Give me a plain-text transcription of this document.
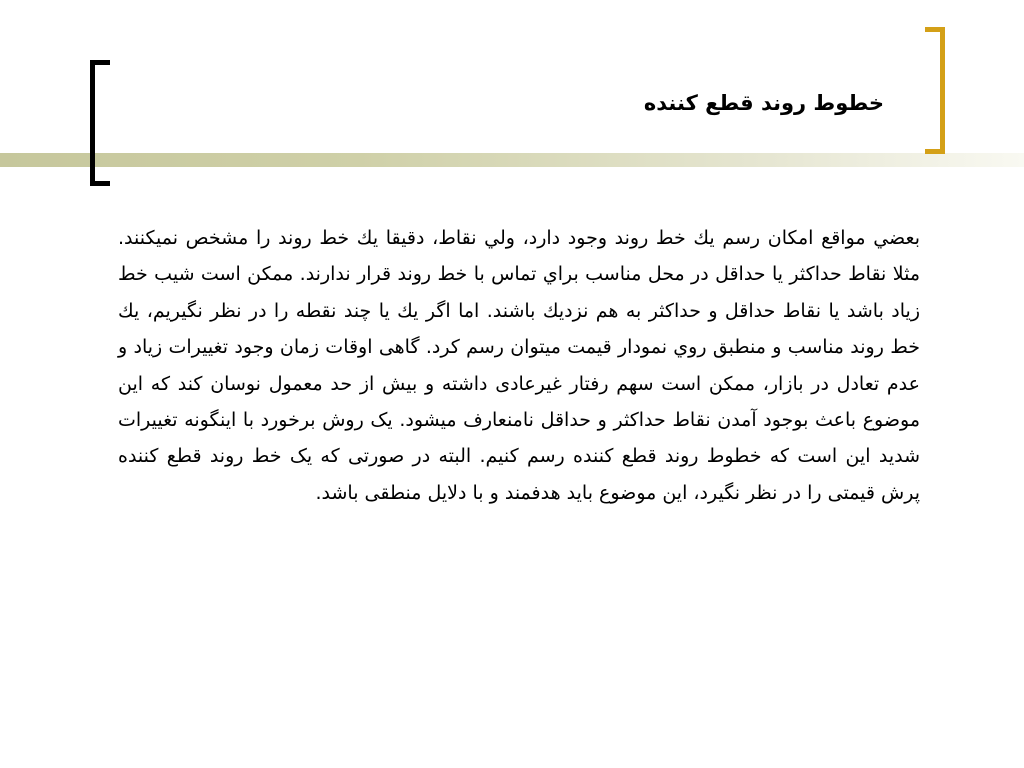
خطوط روند قطع كننده

بعضي مواقع امكان رسم يك خط روند وجود دارد، ولي نقاط، دقيقا يك خط روند را مشخص نميكنند. مثلا نقاط حداكثر يا حداقل در محل مناسب براي تماس با خط روند قرار ندارند. ممكن است شيب خط زياد باشد يا نقاط حداقل و حداكثر به هم نزديك باشند. اما اگر يك يا چند نقطه را در نظر نگيريم، يك خط روند مناسب و منطبق روي نمودار قيمت ميتوان رسم كرد. گاهی اوقات زمان وجود تغييرات زياد و عدم تعادل در بازار، ممکن است سهم رفتار غيرعادی داشته و بيش از حد معمول نوسان کند که اين موضوع باعث بوجود آمدن نقاط حداکثر و حداقل نامنعارف ميشود. يک روش برخورد با اينگونه تغييرات شديد اين است که خطوط روند قطع کننده رسم کنيم. البته در صورتی که يک خط روند قطع کننده پرش قيمتی را در نظر نگيرد، اين موضوع بايد هدفمند و با دلايل منطقی باشد.
